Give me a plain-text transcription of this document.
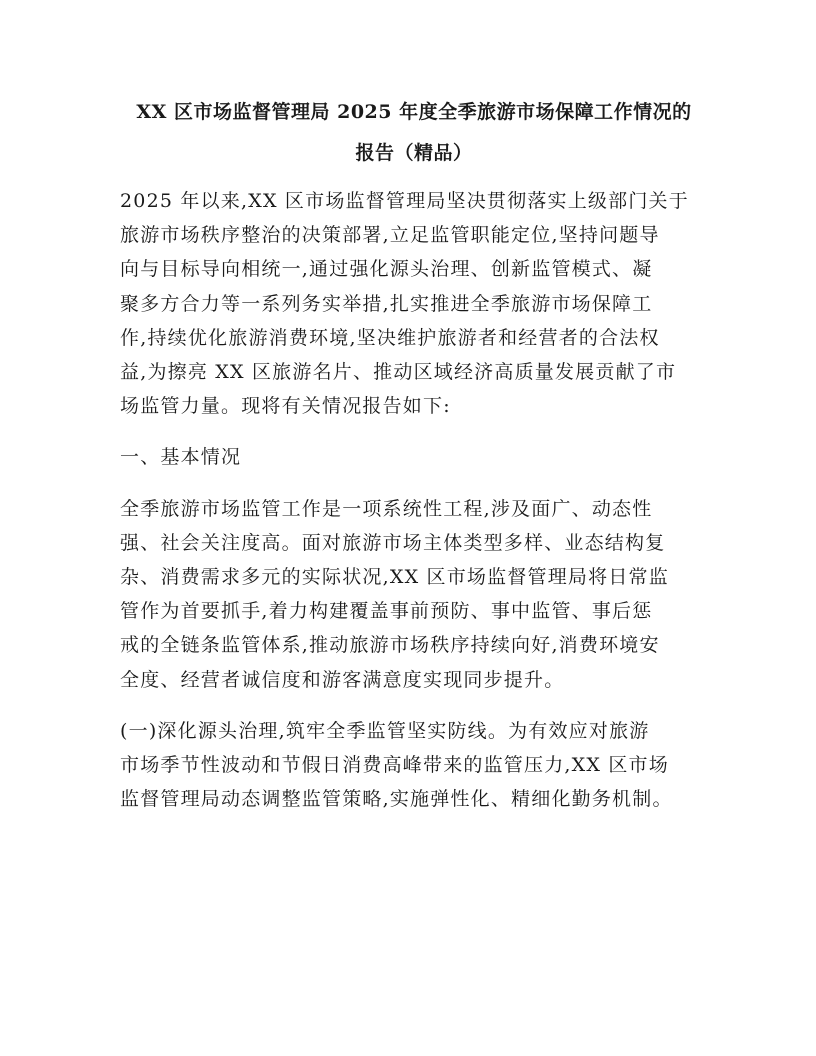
XX 区市场监督管理局 2025 年度全季旅游市场保障工作情况的
报告（精品）

2025 年以来,XX 区市场监督管理局坚决贯彻落实上级部门关于
旅游市场秩序整治的决策部署,立足监管职能定位,坚持问题导
向与目标导向相统一,通过强化源头治理、创新监管模式、凝
聚多方合力等一系列务实举措,扎实推进全季旅游市场保障工
作,持续优化旅游消费环境,坚决维护旅游者和经营者的合法权
益,为擦亮 XX 区旅游名片、推动区域经济高质量发展贡献了市
场监管力量。现将有关情况报告如下:

一、基本情况

全季旅游市场监管工作是一项系统性工程,涉及面广、动态性
强、社会关注度高。面对旅游市场主体类型多样、业态结构复
杂、消费需求多元的实际状况,XX 区市场监督管理局将日常监
管作为首要抓手,着力构建覆盖事前预防、事中监管、事后惩
戒的全链条监管体系,推动旅游市场秩序持续向好,消费环境安
全度、经营者诚信度和游客满意度实现同步提升。

(一)深化源头治理,筑牢全季监管坚实防线。为有效应对旅游
市场季节性波动和节假日消费高峰带来的监管压力,XX 区市场
监督管理局动态调整监管策略,实施弹性化、精细化勤务机制。
